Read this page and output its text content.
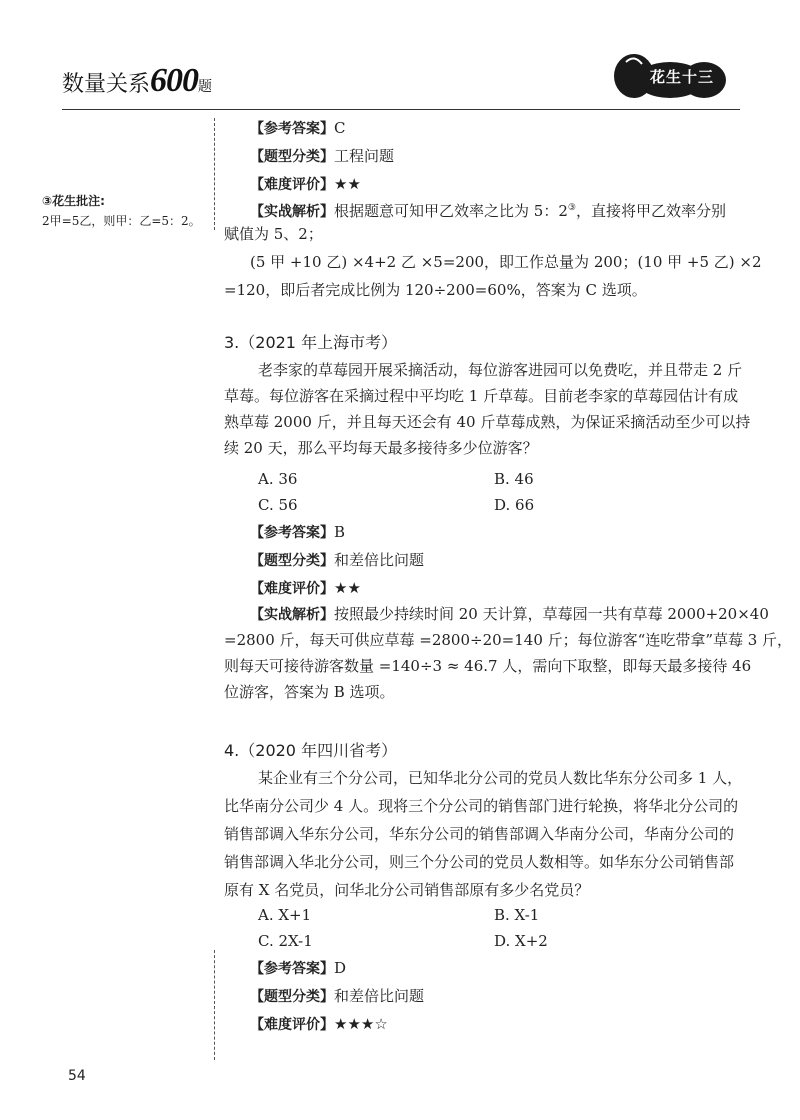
数量关系600题
花生十三
③花生批注:
2甲=5乙，则甲：乙=5：2。
【参考答案】C
【题型分类】工程问题
【难度评价】★★
【实战解析】根据题意可知甲乙效率之比为 5：2③，直接将甲乙效率分别
赋值为 5、2；
(5 甲 +10 乙) ×4+2 乙 ×5=200，即工作总量为 200；(10 甲 +5 乙) ×2
=120，即后者完成比例为 120÷200=60%，答案为 C 选项。
3.（2021 年上海市考）
老李家的草莓园开展采摘活动，每位游客进园可以免费吃，并且带走 2 斤
草莓。每位游客在采摘过程中平均吃 1 斤草莓。目前老李家的草莓园估计有成
熟草莓 2000 斤，并且每天还会有 40 斤草莓成熟，为保证采摘活动至少可以持
续 20 天，那么平均每天最多接待多少位游客？
A. 36	B. 46
C. 56	D. 66
【参考答案】B
【题型分类】和差倍比问题
【难度评价】★★
【实战解析】按照最少持续时间 20 天计算，草莓园一共有草莓 2000+20×40
=2800 斤，每天可供应草莓 =2800÷20=140 斤；每位游客“连吃带拿”草莓 3 斤，
则每天可接待游客数量 =140÷3 ≈ 46.7 人，需向下取整，即每天最多接待 46
位游客，答案为 B 选项。
4.（2020 年四川省考）
某企业有三个分公司，已知华北分公司的党员人数比华东分公司多 1 人，
比华南分公司少 4 人。现将三个分公司的销售部门进行轮换，将华北分公司的
销售部调入华东分公司，华东分公司的销售部调入华南分公司，华南分公司的
销售部调入华北分公司，则三个分公司的党员人数相等。如华东分公司销售部
原有 X 名党员，问华北分公司销售部原有多少名党员？
A. X+1	B. X-1
C. 2X-1	D. X+2
【参考答案】D
【题型分类】和差倍比问题
【难度评价】★★★☆
54
